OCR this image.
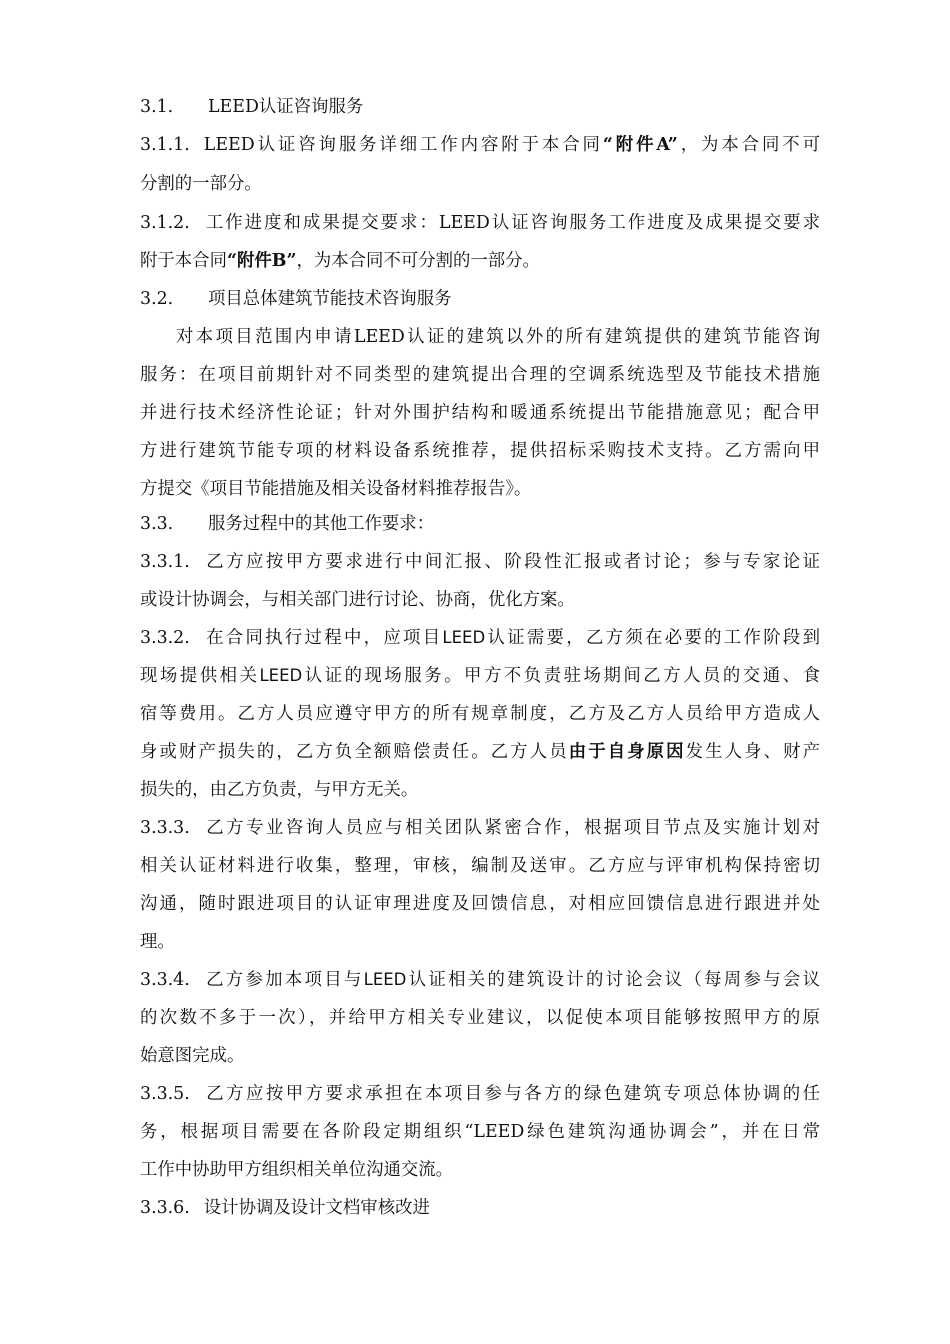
3.1. LEED认证咨询服务
3.1.1. LEED认证咨询服务详细工作内容附于本合同“附件A”，为本合同不可
分割的一部分。
3.1.2. 工作进度和成果提交要求：LEED认证咨询服务工作进度及成果提交要求
附于本合同“附件B”，为本合同不可分割的一部分。
3.2. 项目总体建筑节能技术咨询服务
对本项目范围内申请LEED认证的建筑以外的所有建筑提供的建筑节能咨询
服务：在项目前期针对不同类型的建筑提出合理的空调系统选型及节能技术措施
并进行技术经济性论证；针对外围护结构和暖通系统提出节能措施意见；配合甲
方进行建筑节能专项的材料设备系统推荐，提供招标采购技术支持。乙方需向甲
方提交《项目节能措施及相关设备材料推荐报告》。
3.3. 服务过程中的其他工作要求：
3.3.1. 乙方应按甲方要求进行中间汇报、阶段性汇报或者讨论；参与专家论证
或设计协调会，与相关部门进行讨论、协商，优化方案。
3.3.2. 在合同执行过程中，应项目LEED认证需要，乙方须在必要的工作阶段到
现场提供相关LEED认证的现场服务。甲方不负责驻场期间乙方人员的交通、食
宿等费用。乙方人员应遵守甲方的所有规章制度，乙方及乙方人员给甲方造成人
身或财产损失的，乙方负全额赔偿责任。乙方人员由于自身原因发生人身、财产
损失的，由乙方负责，与甲方无关。
3.3.3. 乙方专业咨询人员应与相关团队紧密合作，根据项目节点及实施计划对
相关认证材料进行收集，整理，审核，编制及送审。乙方应与评审机构保持密切
沟通，随时跟进项目的认证审理进度及回馈信息，对相应回馈信息进行跟进并处
理。
3.3.4. 乙方参加本项目与LEED认证相关的建筑设计的讨论会议（每周参与会议
的次数不多于一次），并给甲方相关专业建议，以促使本项目能够按照甲方的原
始意图完成。
3.3.5. 乙方应按甲方要求承担在本项目参与各方的绿色建筑专项总体协调的任
务，根据项目需要在各阶段定期组织“LEED绿色建筑沟通协调会”，并在日常
工作中协助甲方组织相关单位沟通交流。
3.3.6. 设计协调及设计文档审核改进
